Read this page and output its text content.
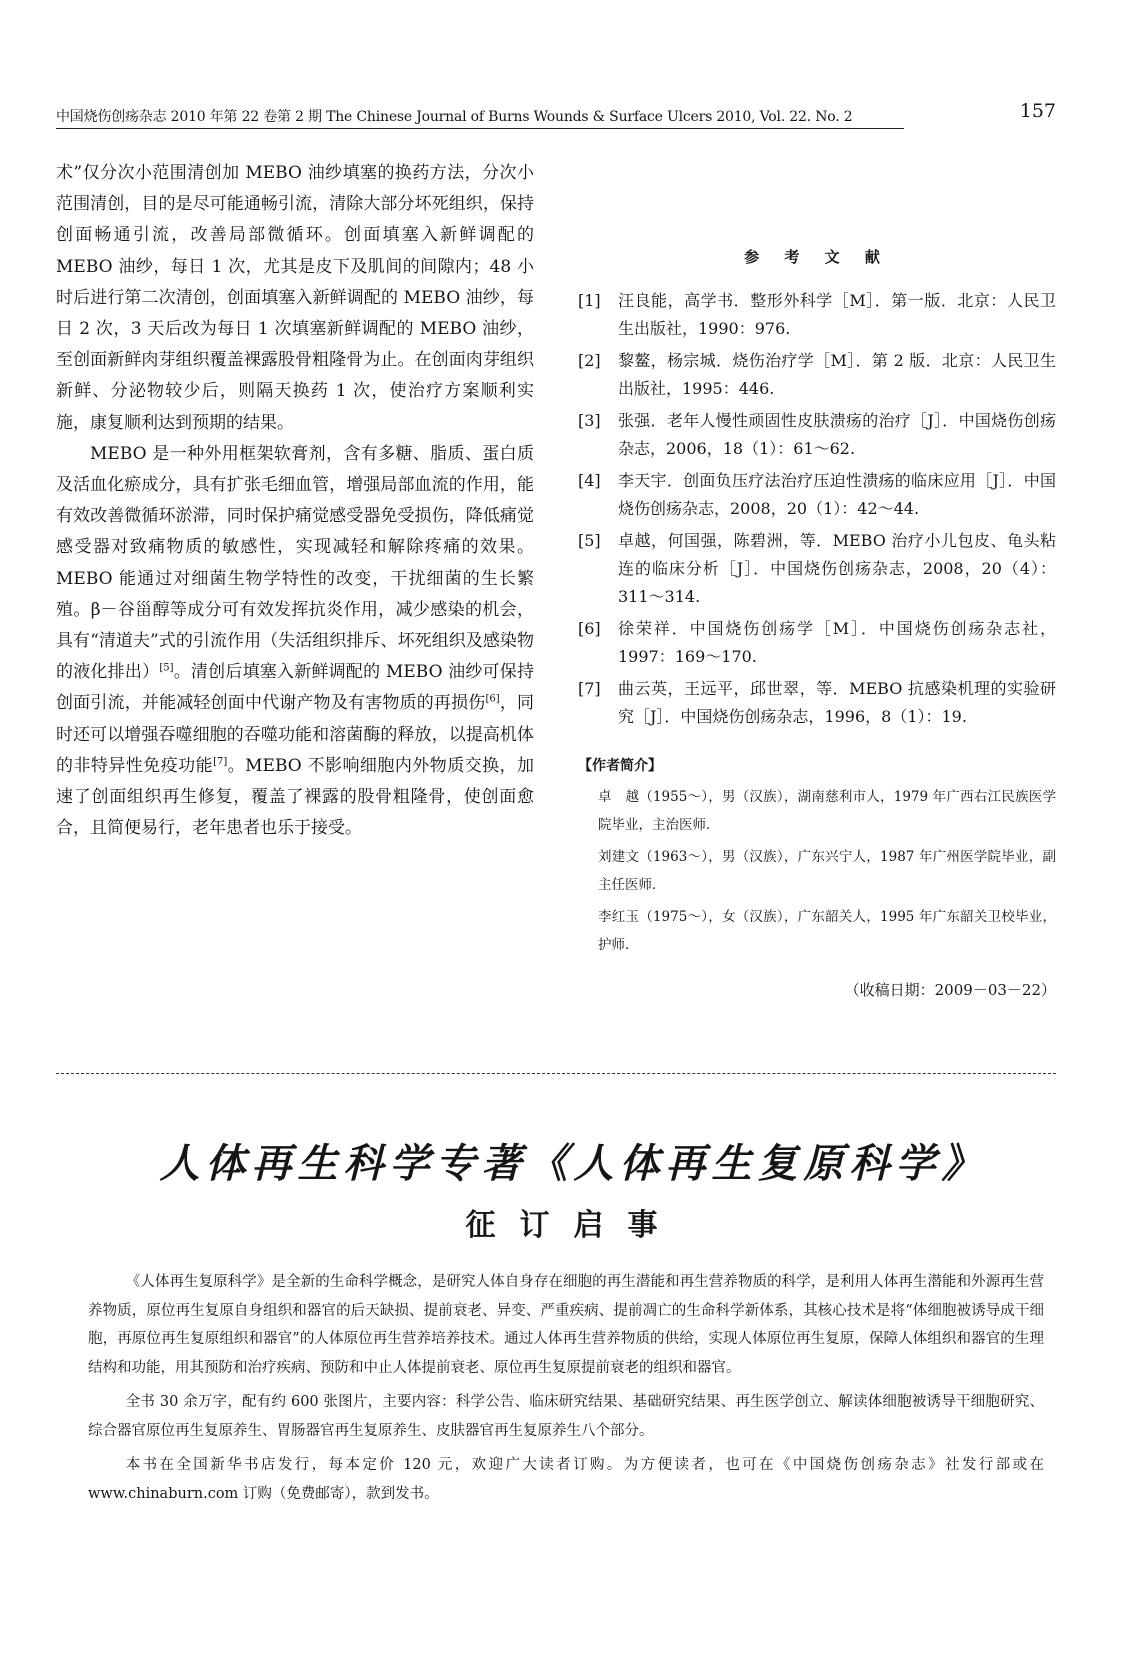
中国烧伤创疡杂志 2010 年第 22 卷第 2 期 The Chinese Journal of Burns Wounds & Surface Ulcers 2010, Vol. 22. No. 2	157

术”仅分次小范围清创加 MEBO 油纱填塞的换药方法，分次小范围清创，目的是尽可能通畅引流，清除大部分坏死组织，保持创面畅通引流，改善局部微循环。创面填塞入新鲜调配的 MEBO 油纱，每日 1 次，尤其是皮下及肌间的间隙内；48 小时后进行第二次清创，创面填塞入新鲜调配的 MEBO 油纱，每日 2 次，3 天后改为每日 1 次填塞新鲜调配的 MEBO 油纱，至创面新鲜肉芽组织覆盖裸露股骨粗隆骨为止。在创面肉芽组织新鲜、分泌物较少后，则隔天换药 1 次，使治疗方案顺利实施，康复顺利达到预期的结果。

MEBO 是一种外用框架软膏剂，含有多糖、脂质、蛋白质及活血化瘀成分，具有扩张毛细血管，增强局部血流的作用，能有效改善微循环淤滞，同时保护痛觉感受器免受损伤，降低痛觉感受器对致痛物质的敏感性，实现减轻和解除疼痛的效果。MEBO 能通过对细菌生物学特性的改变，干扰细菌的生长繁殖。β－谷甾醇等成分可有效发挥抗炎作用，减少感染的机会，具有“清道夫”式的引流作用（失活组织排斥、坏死组织及感染物的液化排出）[5]。清创后填塞入新鲜调配的 MEBO 油纱可保持创面引流，并能减轻创面中代谢产物及有害物质的再损伤[6]，同时还可以增强吞噬细胞的吞噬功能和溶菌酶的释放，以提高机体的非特异性免疫功能[7]。MEBO 不影响细胞内外物质交换，加速了创面组织再生修复，覆盖了裸露的股骨粗隆骨，使创面愈合，且简便易行，老年患者也乐于接受。

参 考 文 献
[1]	汪良能，高学书．整形外科学［M］．第一版．北京：人民卫生出版社，1990：976.
[2]	黎鳌，杨宗城．烧伤治疗学［M］．第 2 版．北京：人民卫生出版社，1995：446.
[3]	张强．老年人慢性顽固性皮肤溃疡的治疗［J］．中国烧伤创疡杂志，2006，18（1）：61～62.
[4]	李天宇．创面负压疗法治疗压迫性溃疡的临床应用［J］．中国烧伤创疡杂志，2008，20（1）：42～44.
[5]	卓越，何国强，陈碧洲，等．MEBO 治疗小儿包皮、龟头粘连的临床分析［J］．中国烧伤创疡杂志，2008，20（4）：311～314.
[6]	徐荣祥．中国烧伤创疡学［M］．中国烧伤创疡杂志社，1997：169～170.
[7]	曲云英，王远平，邱世翠，等．MEBO 抗感染机理的实验研究［J］．中国烧伤创疡杂志，1996，8（1）：19.
【作者简介】
卓　越（1955～），男（汉族），湖南慈利市人，1979 年广西右江民族医学院毕业，主治医师．
刘建文（1963～），男（汉族），广东兴宁人，1987 年广州医学院毕业，副主任医师．
李红玉（1975～），女（汉族），广东韶关人，1995 年广东韶关卫校毕业，护师．
（收稿日期：2009－03－22）
人体再生科学专著《人体再生复原科学》
征订启事

《人体再生复原科学》是全新的生命科学概念，是研究人体自身存在细胞的再生潜能和再生营养物质的科学，是利用人体再生潜能和外源再生营养物质，原位再生复原自身组织和器官的后天缺损、提前衰老、异变、严重疾病、提前凋亡的生命科学新体系，其核心技术是将“体细胞被诱导成干细胞，再原位再生复原组织和器官”的人体原位再生营养培养技术。通过人体再生营养物质的供给，实现人体原位再生复原，保障人体组织和器官的生理结构和功能，用其预防和治疗疾病、预防和中止人体提前衰老、原位再生复原提前衰老的组织和器官。

全书 30 余万字，配有约 600 张图片，主要内容：科学公告、临床研究结果、基础研究结果、再生医学创立、解读体细胞被诱导干细胞研究、综合器官原位再生复原养生、胃肠器官再生复原养生、皮肤器官再生复原养生八个部分。

本书在全国新华书店发行，每本定价 120 元，欢迎广大读者订购。为方便读者，也可在《中国烧伤创疡杂志》社发行部或在 www.chinaburn.com 订购（免费邮寄），款到发书。
